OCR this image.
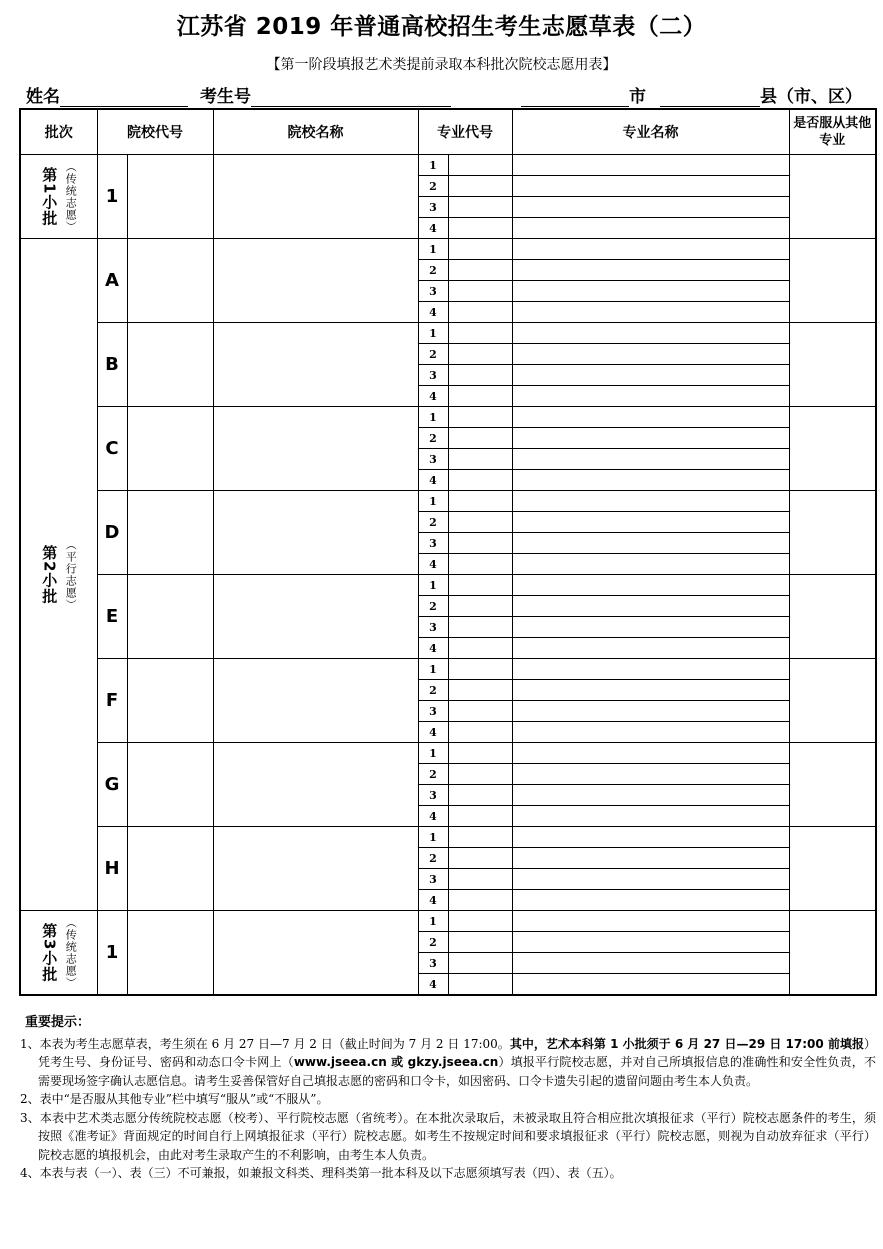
江苏省 2019 年普通高校招生考生志愿草表（二）
【第一阶段填报艺术类提前录取本科批次院校志愿用表】
姓名	考生号	市	县（市、区）
批次	院校代号		院校名称	专业代号		专业名称	是否服从其他专业

第1小批 （传统志愿）	1			1			
				2			
				3			
				4			

第2小批 （平行志愿）	A			1			
				2			
				3			
				4			
	B			1			
				2			
				3			
				4			
	C			1			
				2			
				3			
				4			
	D			1			
				2			
				3			
				4			
	E			1			
				2			
				3			
				4			
	F			1			
				2			
				3			
				4			
	G			1			
				2			
				3			
				4			
	H			1			
				2			
				3			
				4			

第3小批 （传统志愿）	1			1			
				2			
				3			
				4			
重要提示：

1、本表为考生志愿草表，考生须在 6 月 27 日—7 月 2 日（截止时间为 7 月 2 日 17:00。其中，艺术本科第 1 小批须于 6 月 27 日—29 日 17:00 前填报）凭考生号、身份证号、密码和动态口令卡网上（www.jseea.cn 或 gkzy.jseea.cn）填报平行院校志愿，并对自己所填报信息的准确性和安全性负责，不需要现场签字确认志愿信息。请考生妥善保管好自己填报志愿的密码和口令卡，如因密码、口令卡遗失引起的遗留问题由考生本人负责。

2、表中“是否服从其他专业”栏中填写“服从”或“不服从”。

3、本表中艺术类志愿分传统院校志愿（校考）、平行院校志愿（省统考）。在本批次录取后，未被录取且符合相应批次填报征求（平行）院校志愿条件的考生，须按照《准考证》背面规定的时间自行上网填报征求（平行）院校志愿。如考生不按规定时间和要求填报征求（平行）院校志愿，则视为自动放弃征求（平行）院校志愿的填报机会，由此对考生录取产生的不利影响，由考生本人负责。

4、本表与表（一）、表（三）不可兼报，如兼报文科类、理科类第一批本科及以下志愿须填写表（四）、表（五）。
